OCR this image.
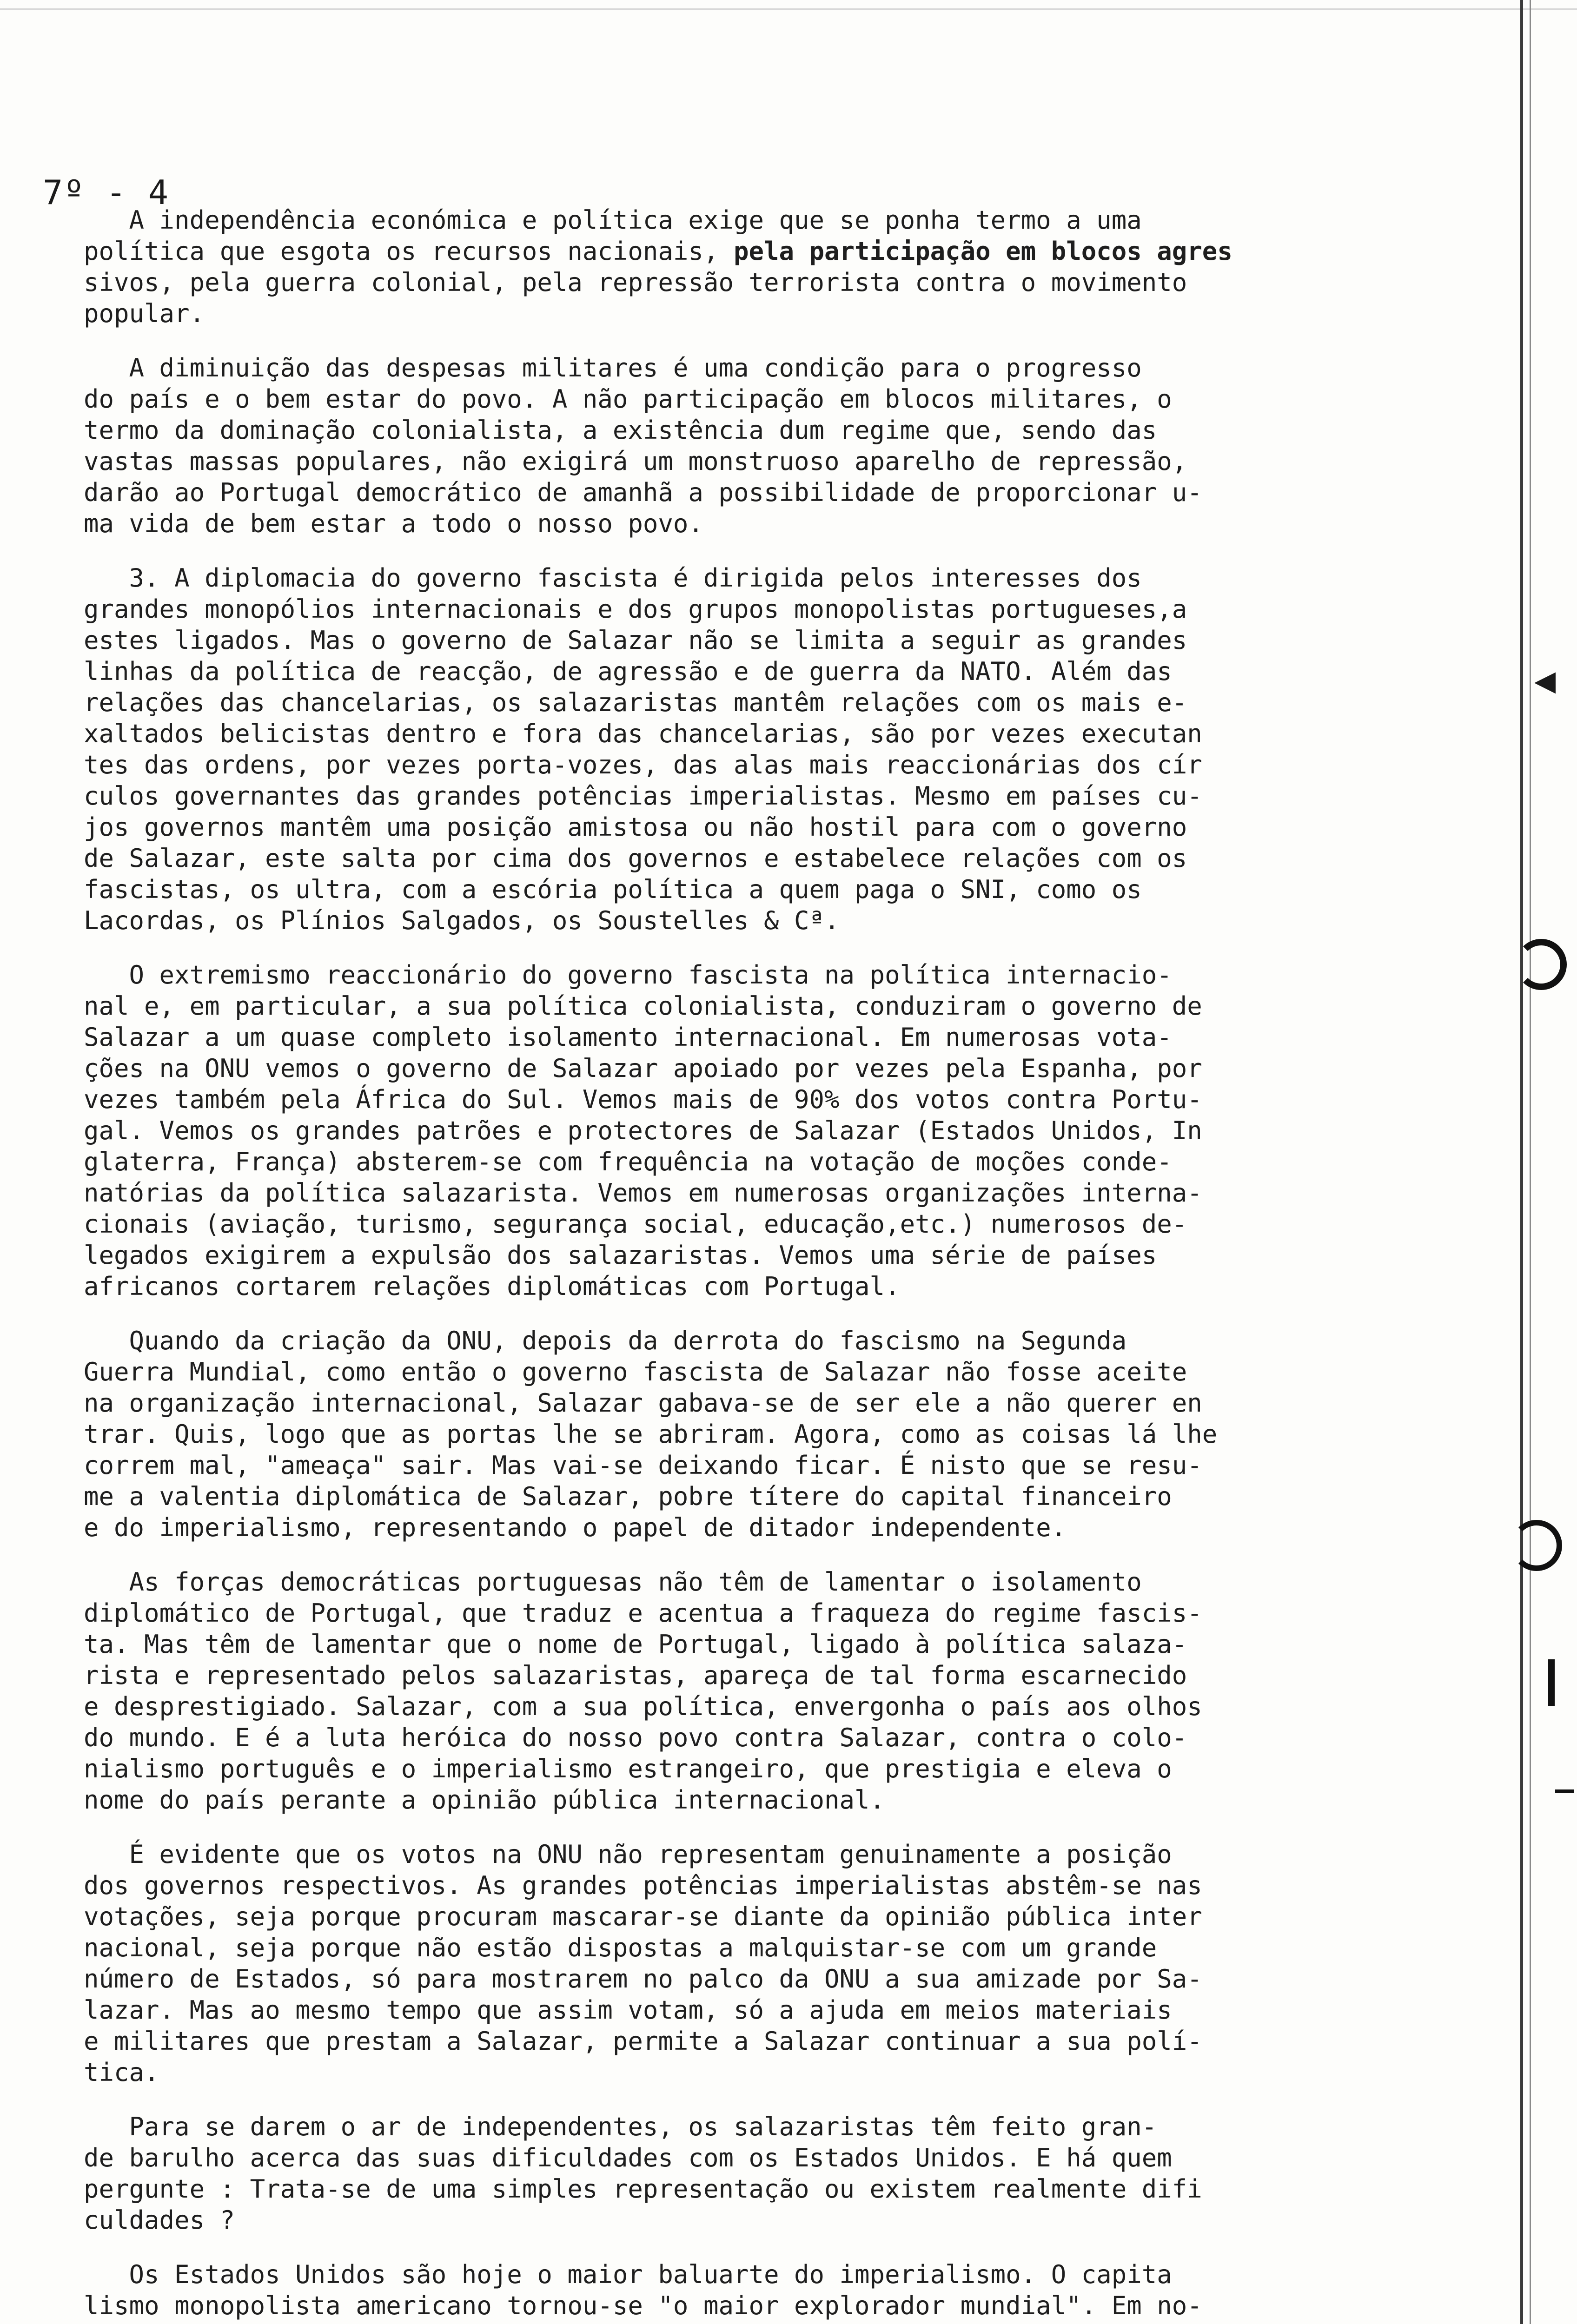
7º - 4
A independência económica e política exige que se ponha termo a uma
política que esgota os recursos nacionais, pela participação em blocos agres
sivos, pela guerra colonial, pela repressão terrorista contra o movimento
popular.
A diminuição das despesas militares é uma condição para o progresso
do país e o bem estar do povo. A não participação em blocos militares, o
termo da dominação colonialista, a existência dum regime que, sendo das
vastas massas populares, não exigirá um monstruoso aparelho de repressão,
darão ao Portugal democrático de amanhã a possibilidade de proporcionar u-
ma vida de bem estar a todo o nosso povo.
3. A diplomacia do governo fascista é dirigida pelos interesses dos
grandes monopólios internacionais e dos grupos monopolistas portugueses,a
estes ligados. Mas o governo de Salazar não se limita a seguir as grandes
linhas da política de reacção, de agressão e de guerra da NATO. Além das
relações das chancelarias, os salazaristas mantêm relações com os mais e-
xaltados belicistas dentro e fora das chancelarias, são por vezes executan
tes das ordens, por vezes porta-vozes, das alas mais reaccionárias dos cír
culos governantes das grandes potências imperialistas. Mesmo em países cu-
jos governos mantêm uma posição amistosa ou não hostil para com o governo
de Salazar, este salta por cima dos governos e estabelece relações com os
fascistas, os ultra, com a escória política a quem paga o SNI, como os
Lacordas, os Plínios Salgados, os Soustelles & Cª.
O extremismo reaccionário do governo fascista na política internacio-
nal e, em particular, a sua política colonialista, conduziram o governo de
Salazar a um quase completo isolamento internacional. Em numerosas vota-
ções na ONU vemos o governo de Salazar apoiado por vezes pela Espanha, por
vezes também pela África do Sul. Vemos mais de 90% dos votos contra Portu-
gal. Vemos os grandes patrões e protectores de Salazar (Estados Unidos, In
glaterra, França) absterem-se com frequência na votação de moções conde-
natórias da política salazarista. Vemos em numerosas organizações interna-
cionais (aviação, turismo, segurança social, educação,etc.) numerosos de-
legados exigirem a expulsão dos salazaristas. Vemos uma série de países
africanos cortarem relações diplomáticas com Portugal.
Quando da criação da ONU, depois da derrota do fascismo na Segunda
Guerra Mundial, como então o governo fascista de Salazar não fosse aceite
na organização internacional, Salazar gabava-se de ser ele a não querer en
trar. Quis, logo que as portas lhe se abriram. Agora, como as coisas lá lhe
correm mal, "ameaça" sair. Mas vai-se deixando ficar. É nisto que se resu-
me a valentia diplomática de Salazar, pobre títere do capital financeiro
e do imperialismo, representando o papel de ditador independente.
As forças democráticas portuguesas não têm de lamentar o isolamento
diplomático de Portugal, que traduz e acentua a fraqueza do regime fascis-
ta. Mas têm de lamentar que o nome de Portugal, ligado à política salaza-
rista e representado pelos salazaristas, apareça de tal forma escarnecido
e desprestigiado. Salazar, com a sua política, envergonha o país aos olhos
do mundo. E é a luta heróica do nosso povo contra Salazar, contra o colo-
nialismo português e o imperialismo estrangeiro, que prestigia e eleva o
nome do país perante a opinião pública internacional.
É evidente que os votos na ONU não representam genuinamente a posição
dos governos respectivos. As grandes potências imperialistas abstêm-se nas
votações, seja porque procuram mascarar-se diante da opinião pública inter
nacional, seja porque não estão dispostas a malquistar-se com um grande
número de Estados, só para mostrarem no palco da ONU a sua amizade por Sa-
lazar. Mas ao mesmo tempo que assim votam, só a ajuda em meios materiais
e militares que prestam a Salazar, permite a Salazar continuar a sua polí-
tica.
Para se darem o ar de independentes, os salazaristas têm feito gran-
de barulho acerca das suas dificuldades com os Estados Unidos. E há quem
pergunte : Trata-se de uma simples representação ou existem realmente difi
culdades ?
Os Estados Unidos são hoje o maior baluarte do imperialismo. O capita
lismo monopolista americano tornou-se "o maior explorador mundial". Em no-
◀
